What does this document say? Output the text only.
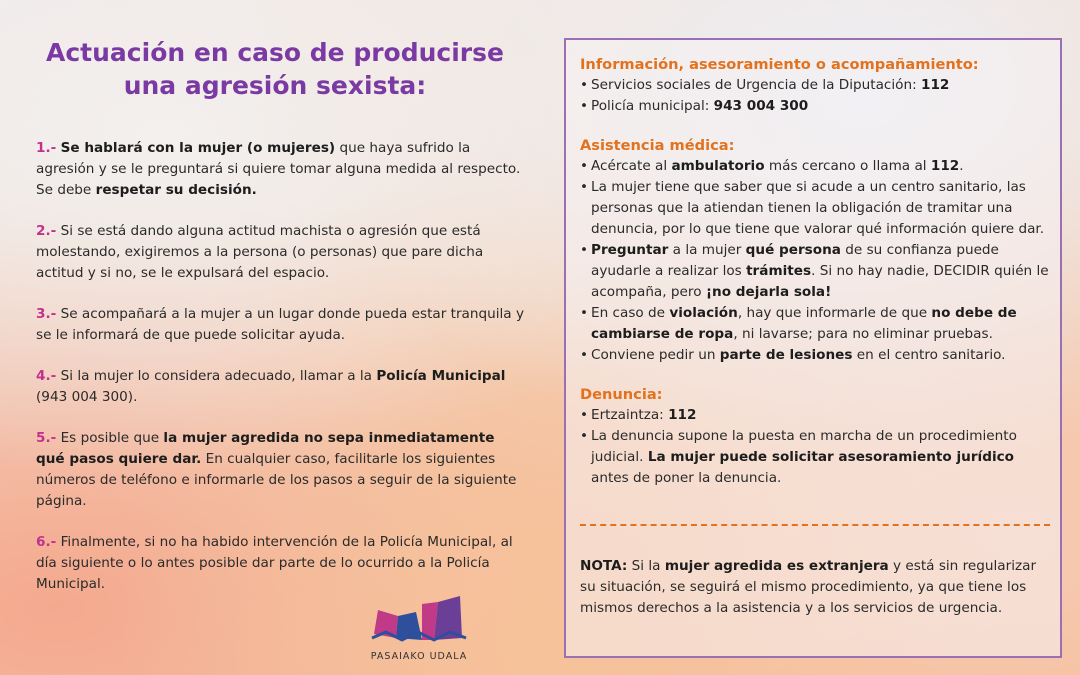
Actuación en caso de producirse
una agresión sexista:
1.- Se hablará con la mujer (o mujeres) que haya sufrido la agresión y se le preguntará si quiere tomar alguna medida al respecto. Se debe respetar su decisión.
2.- Si se está dando alguna actitud machista o agresión que está molestando, exigiremos a la persona (o personas) que pare dicha actitud y si no, se le expulsará del espacio.
3.- Se acompañará a la mujer a un lugar donde pueda estar tranquila y se le informará de que puede solicitar ayuda.
4.- Si la mujer lo considera adecuado, llamar a la Policía Municipal (943 004 300).
5.- Es posible que la mujer agredida no sepa inmediatamente qué pasos quiere dar. En cualquier caso, facilitarle los siguientes números de teléfono e informarle de los pasos a seguir de la siguiente página.
6.- Finalmente, si no ha habido intervención de la Policía Municipal, al día siguiente o lo antes posible dar parte de lo ocurrido a la Policía Municipal.
PASAIAKO UDALA
Información, asesoramiento o acompañamiento:
• Servicios sociales de Urgencia de la Diputación: 112
• Policía municipal: 943 004 300
Asistencia médica:
• Acércate al ambulatorio más cercano o llama al 112.
• La mujer tiene que saber que si acude a un centro sanitario, las personas que la atiendan tienen la obligación de tramitar una denuncia, por lo que tiene que valorar qué información quiere dar.
• Preguntar a la mujer qué persona de su confianza puede ayudarle a realizar los trámites. Si no hay nadie, DECIDIR quién le acompaña, pero ¡no dejarla sola!
• En caso de violación, hay que informarle de que no debe de cambiarse de ropa, ni lavarse; para no eliminar pruebas.
• Conviene pedir un parte de lesiones en el centro sanitario.
Denuncia:
• Ertzaintza: 112
• La denuncia supone la puesta en marcha de un procedimiento judicial. La mujer puede solicitar asesoramiento jurídico antes de poner la denuncia.
NOTA: Si la mujer agredida es extranjera y está sin regularizar su situación, se seguirá el mismo procedimiento, ya que tiene los mismos derechos a la asistencia y a los servicios de urgencia.
